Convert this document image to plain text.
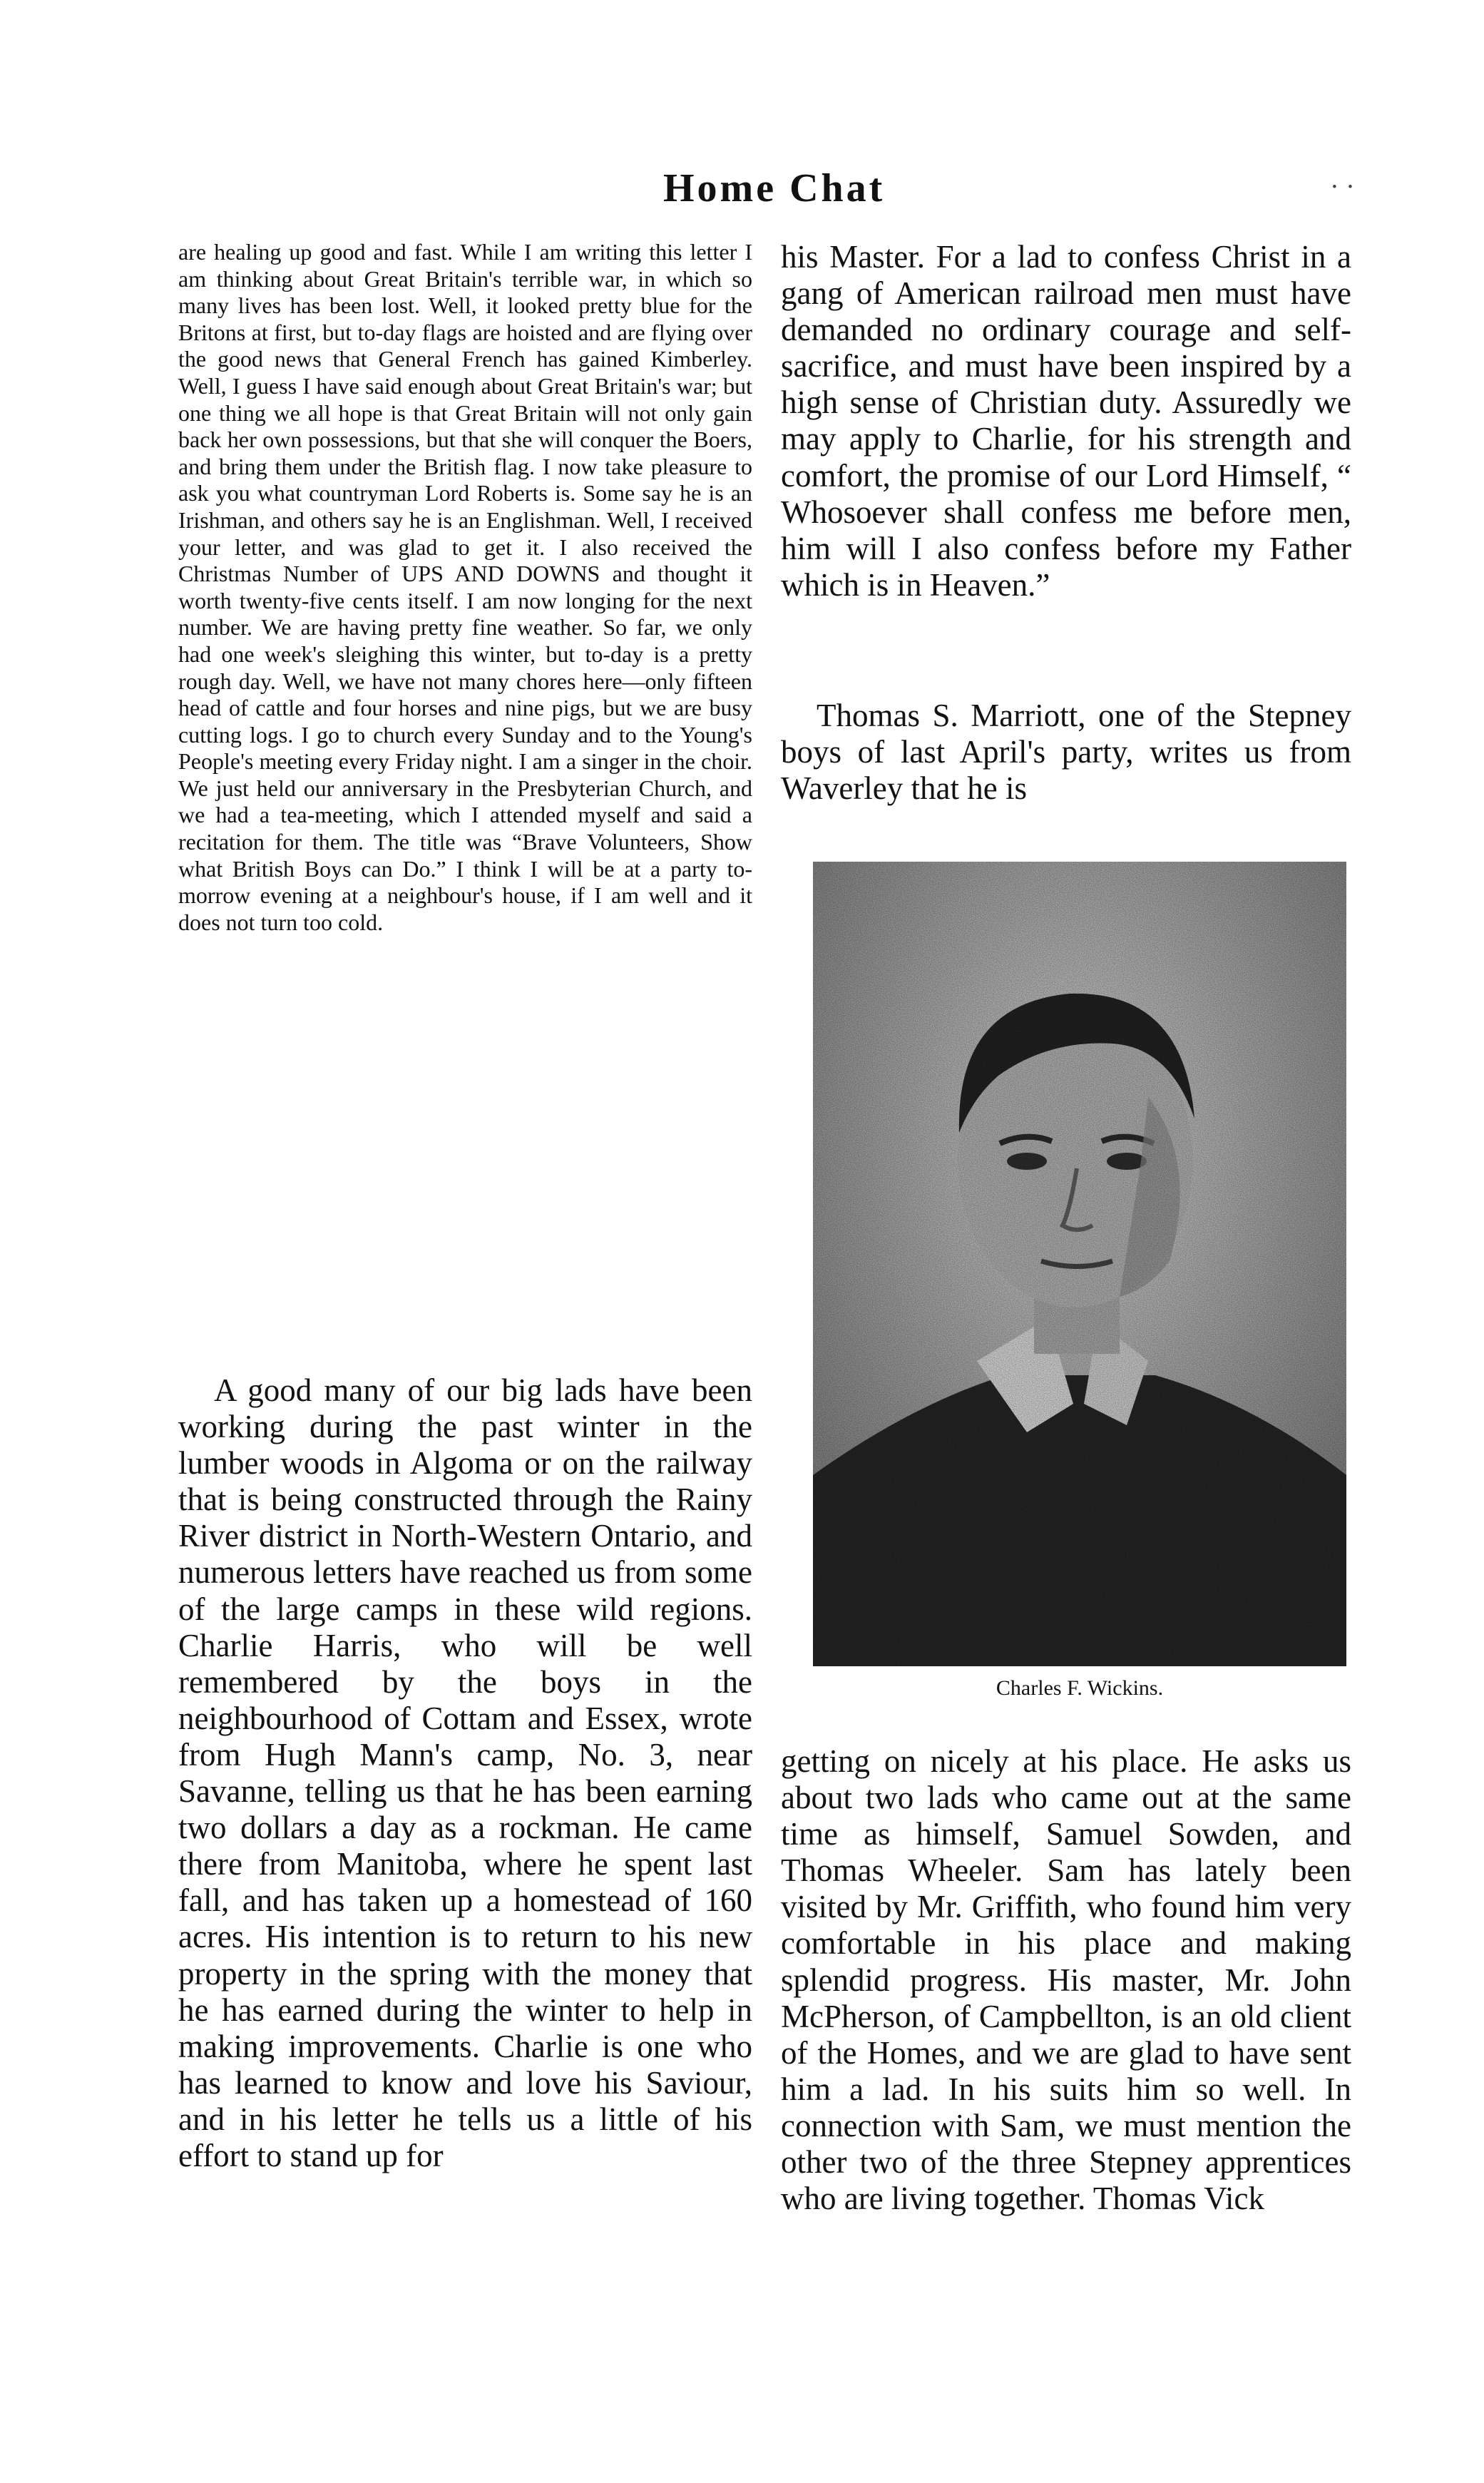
Home Chat	· ·

are healing up good and fast. While I am writing this letter I am thinking about Great Britain's terrible war, in which so many lives has been lost. Well, it looked pretty blue for the Britons at first, but to-day flags are hoisted and are flying over the good news that General French has gained Kimberley. Well, I guess I have said enough about Great Britain's war; but one thing we all hope is that Great Britain will not only gain back her own possessions, but that she will conquer the Boers, and bring them under the British flag. I now take pleasure to ask you what countryman Lord Roberts is. Some say he is an Irishman, and others say he is an Englishman. Well, I received your letter, and was glad to get it. I also received the Christmas Number of UPS AND DOWNS and thought it worth twenty-five cents itself. I am now longing for the next number. We are having pretty fine weather. So far, we only had one week's sleighing this winter, but to-day is a pretty rough day. Well, we have not many chores here—only fifteen head of cattle and four horses and nine pigs, but we are busy cutting logs. I go to church every Sunday and to the Young's People's meeting every Friday night. I am a singer in the choir. We just held our anniversary in the Presbyterian Church, and we had a tea-meeting, which I attended myself and said a recitation for them. The title was “Brave Volunteers, Show what British Boys can Do.” I think I will be at a party to-morrow evening at a neighbour's house, if I am well and it does not turn too cold.

A good many of our big lads have been working during the past winter in the lumber woods in Algoma or on the railway that is being constructed through the Rainy River district in North-Western Ontario, and numerous letters have reached us from some of the large camps in these wild regions. Charlie Harris, who will be well remembered by the boys in the neighbourhood of Cottam and Essex, wrote from Hugh Mann's camp, No. 3, near Savanne, telling us that he has been earning two dollars a day as a rockman. He came there from Manitoba, where he spent last fall, and has taken up a homestead of 160 acres. His intention is to return to his new property in the spring with the money that he has earned during the winter to help in making improvements. Charlie is one who has learned to know and love his Saviour, and in his letter he tells us a little of his effort to stand up for

his Master. For a lad to confess Christ in a gang of American railroad men must have demanded no ordinary courage and self-sacrifice, and must have been inspired by a high sense of Christian duty. Assuredly we may apply to Charlie, for his strength and comfort, the promise of our Lord Himself, “ Whosoever shall confess me before men, him will I also confess before my Father which is in Heaven.”

Thomas S. Marriott, one of the Stepney boys of last April's party, writes us from Waverley that he is

Charles F. Wickins.

getting on nicely at his place. He asks us about two lads who came out at the same time as himself, Samuel Sowden, and Thomas Wheeler. Sam has lately been visited by Mr. Griffith, who found him very comfortable in his place and making splendid progress. His master, Mr. John McPherson, of Campbellton, is an old client of the Homes, and we are glad to have sent him a lad. In his suits him so well. In connection with Sam, we must mention the other two of the three Stepney apprentices who are living together. Thomas Vick
